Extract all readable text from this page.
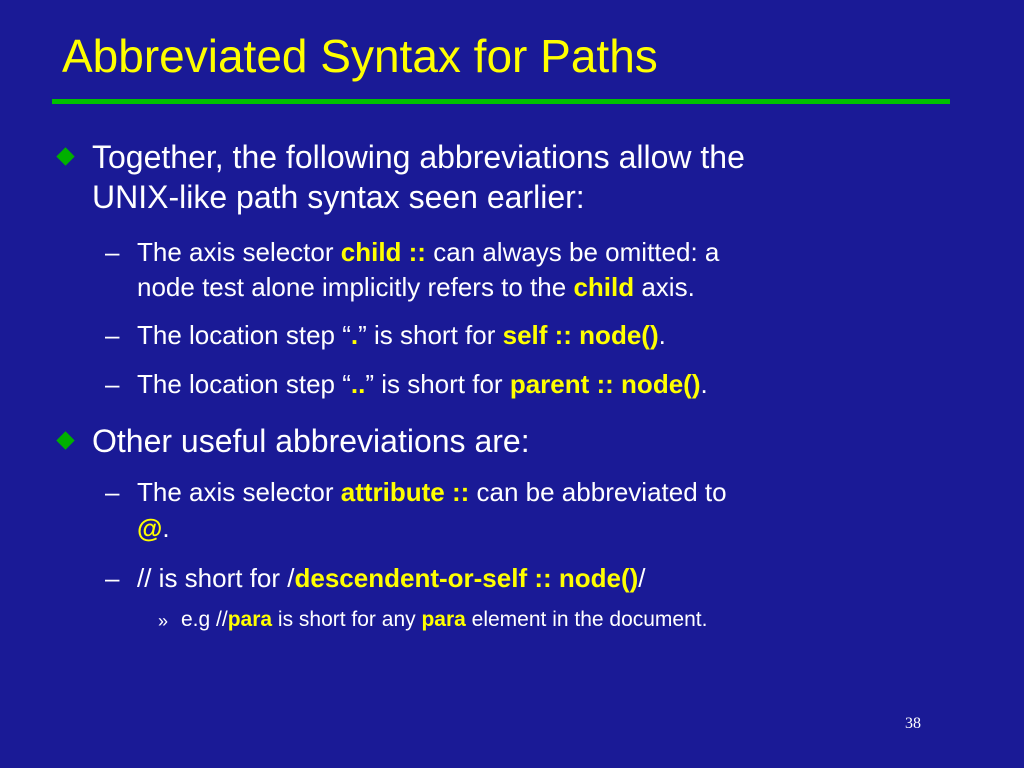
Abbreviated Syntax for Paths
Together, the following abbreviations allow the
UNIX-like path syntax seen earlier:
– The axis selector child :: can always be omitted: a
node test alone implicitly refers to the child axis.
– The location step “.” is short for self :: node().
– The location step “..” is short for parent :: node().
Other useful abbreviations are:
– The axis selector attribute :: can be abbreviated to
@.
– // is short for /descendent-or-self :: node()/
» e.g //para is short for any para element in the document.
38
